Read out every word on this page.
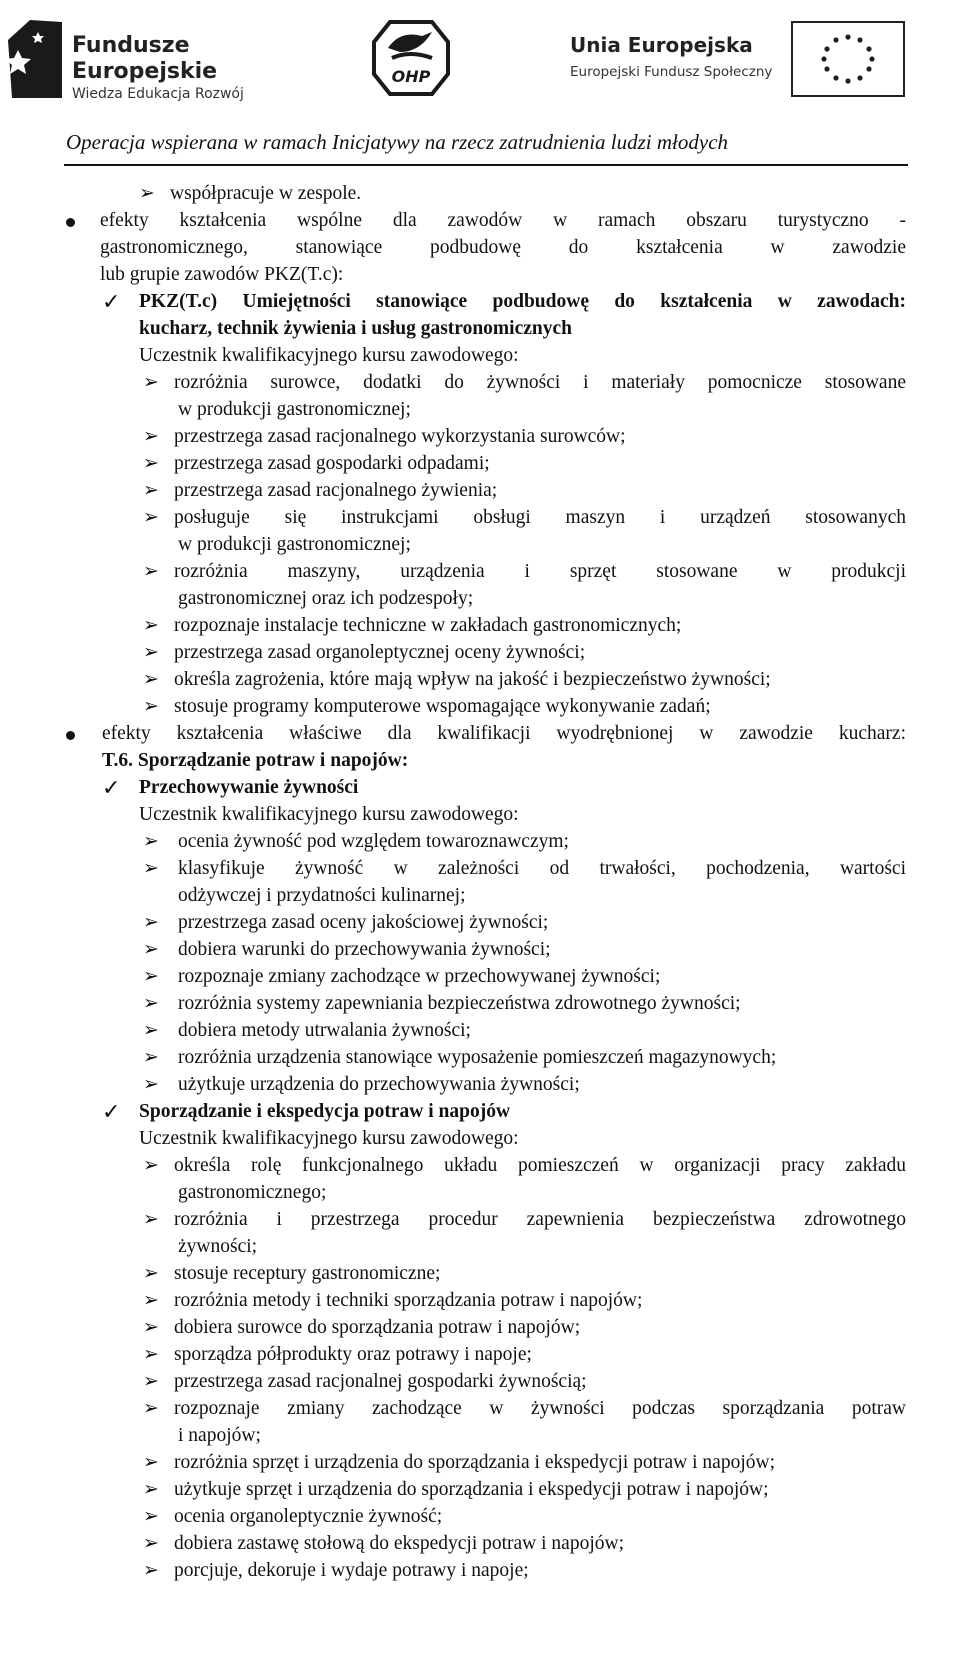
Fundusze
Europejskie
Wiedza Edukacja Rozwój
OHP
Unia Europejska
Europejski Fundusz Społeczny
Operacja wspierana w ramach Inicjatywy na rzecz zatrudnienia ludzi młodych
➢ współpracuje w zespole.
efekty kształcenia wspólne dla zawodów w ramach obszaru turystyczno -
gastronomicznego, stanowiące podbudowę do kształcenia w zawodzie
lub grupie zawodów PKZ(T.c):
✓ PKZ(T.c) Umiejętności stanowiące podbudowę do kształcenia w zawodach:
kucharz, technik żywienia i usług gastronomicznych
Uczestnik kwalifikacyjnego kursu zawodowego:
➢ rozróżnia surowce, dodatki do żywności i materiały pomocnicze stosowane
w produkcji gastronomicznej;
➢ przestrzega zasad racjonalnego wykorzystania surowców;
➢ przestrzega zasad gospodarki odpadami;
➢ przestrzega zasad racjonalnego żywienia;
➢ posługuje się instrukcjami obsługi maszyn i urządzeń stosowanych
w produkcji gastronomicznej;
➢ rozróżnia maszyny, urządzenia i sprzęt stosowane w produkcji
gastronomicznej oraz ich podzespoły;
➢ rozpoznaje instalacje techniczne w zakładach gastronomicznych;
➢ przestrzega zasad organoleptycznej oceny żywności;
➢ określa zagrożenia, które mają wpływ na jakość i bezpieczeństwo żywności;
➢ stosuje programy komputerowe wspomagające wykonywanie zadań;
efekty kształcenia właściwe dla kwalifikacji wyodrębnionej w zawodzie kucharz:
T.6. Sporządzanie potraw i napojów:
✓ Przechowywanie żywności
Uczestnik kwalifikacyjnego kursu zawodowego:
➢ ocenia żywność pod względem towaroznawczym;
➢ klasyfikuje żywność w zależności od trwałości, pochodzenia, wartości
odżywczej i przydatności kulinarnej;
➢ przestrzega zasad oceny jakościowej żywności;
➢ dobiera warunki do przechowywania żywności;
➢ rozpoznaje zmiany zachodzące w przechowywanej żywności;
➢ rozróżnia systemy zapewniania bezpieczeństwa zdrowotnego żywności;
➢ dobiera metody utrwalania żywności;
➢ rozróżnia urządzenia stanowiące wyposażenie pomieszczeń magazynowych;
➢ użytkuje urządzenia do przechowywania żywności;
✓ Sporządzanie i ekspedycja potraw i napojów
Uczestnik kwalifikacyjnego kursu zawodowego:
➢ określa rolę funkcjonalnego układu pomieszczeń w organizacji pracy zakładu
gastronomicznego;
➢ rozróżnia i przestrzega procedur zapewnienia bezpieczeństwa zdrowotnego
żywności;
➢ stosuje receptury gastronomiczne;
➢ rozróżnia metody i techniki sporządzania potraw i napojów;
➢ dobiera surowce do sporządzania potraw i napojów;
➢ sporządza półprodukty oraz potrawy i napoje;
➢ przestrzega zasad racjonalnej gospodarki żywnością;
➢ rozpoznaje zmiany zachodzące w żywności podczas sporządzania potraw
i napojów;
➢ rozróżnia sprzęt i urządzenia do sporządzania i ekspedycji potraw i napojów;
➢ użytkuje sprzęt i urządzenia do sporządzania i ekspedycji potraw i napojów;
➢ ocenia organoleptycznie żywność;
➢ dobiera zastawę stołową do ekspedycji potraw i napojów;
➢ porcjuje, dekoruje i wydaje potrawy i napoje;
